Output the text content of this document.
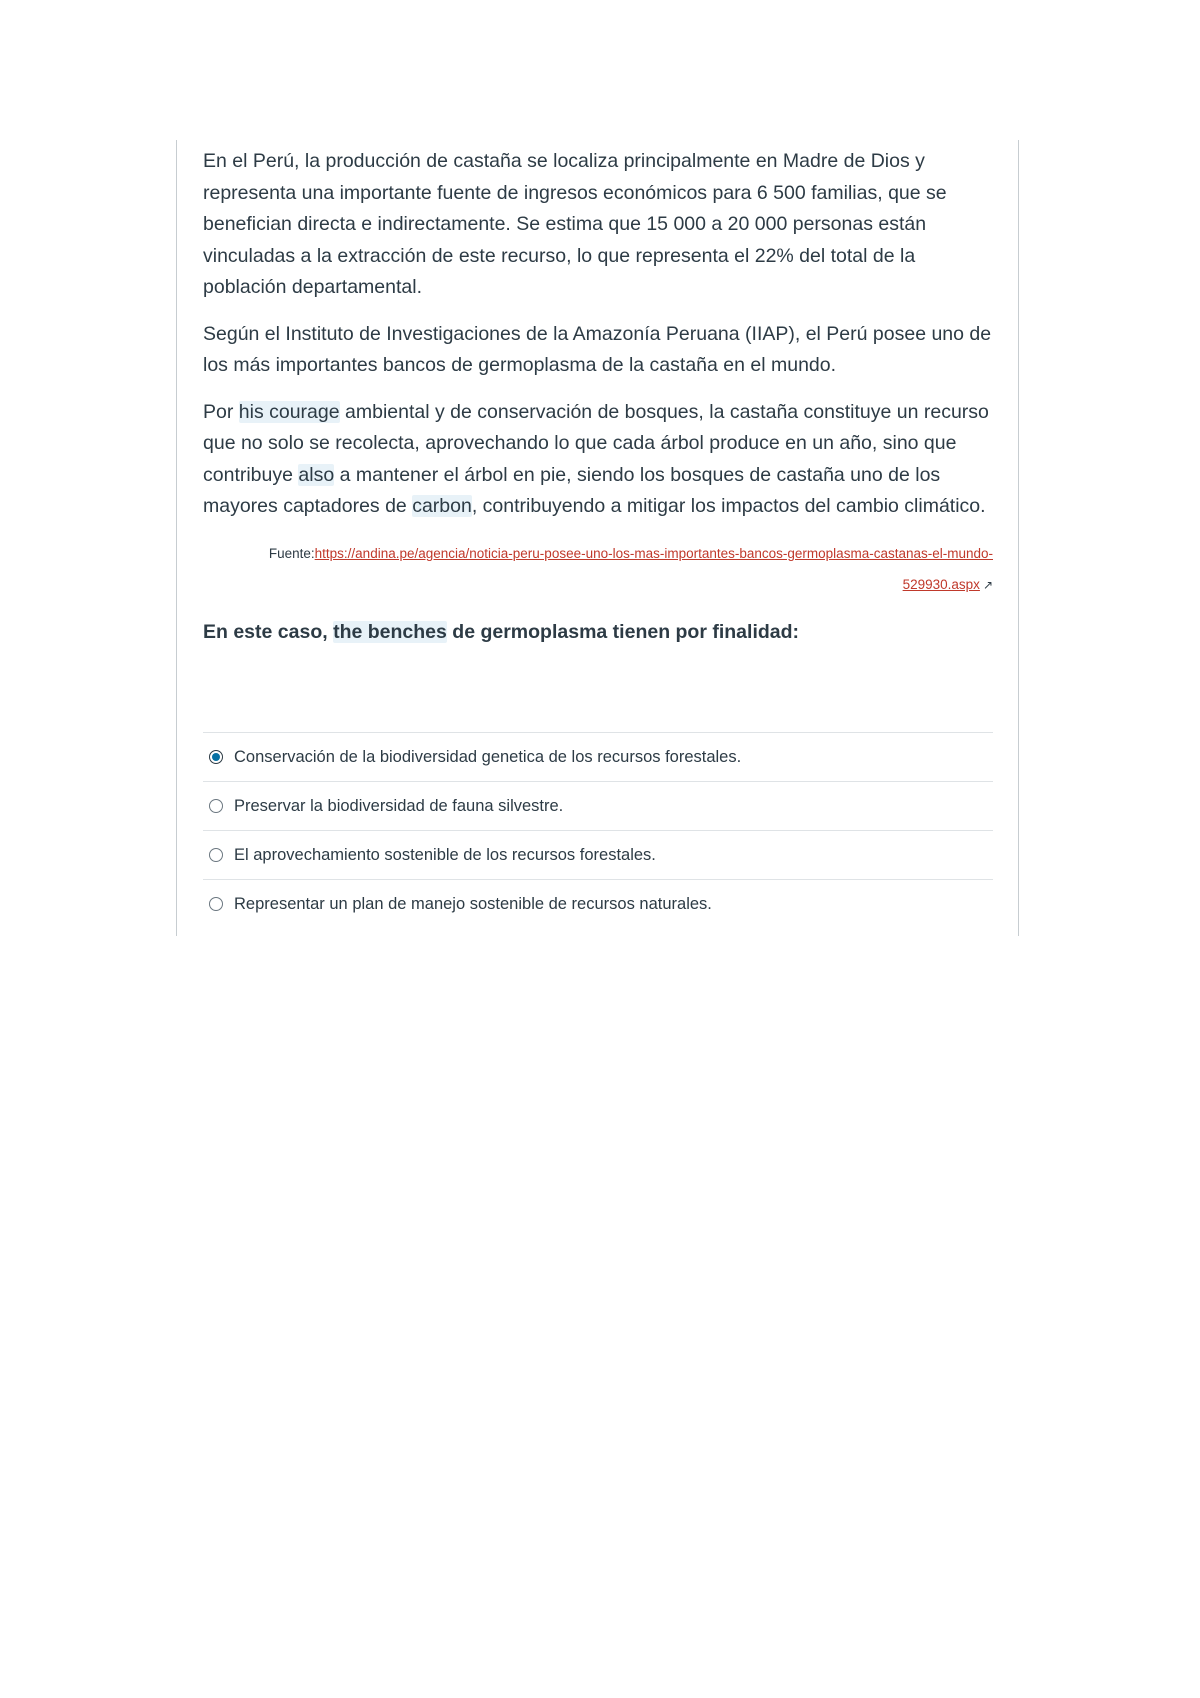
En el Perú, la producción de castaña se localiza principalmente en Madre de Dios y representa una importante fuente de ingresos económicos para 6 500 familias, que se benefician directa e indirectamente. Se estima que 15 000 a 20 000 personas están vinculadas a la extracción de este recurso, lo que representa el 22% del total de la población departamental.

Según el Instituto de Investigaciones de la Amazonía Peruana (IIAP), el Perú posee uno de los más importantes bancos de germoplasma de la castaña en el mundo.

Por his courage ambiental y de conservación de bosques, la castaña constituye un recurso que no solo se recolecta, aprovechando lo que cada árbol produce en un año, sino que contribuye also a mantener el árbol en pie, siendo los bosques de castaña uno de los mayores captadores de carbon, contribuyendo a mitigar los impactos del cambio climático.

Fuente:https://andina.pe/agencia/noticia-peru-posee-uno-los-mas-importantes-bancos-germoplasma-castanas-el-mundo-
529930.aspx ↗
En este caso, the benches de germoplasma tienen por finalidad:
Conservación de la biodiversidad genetica de los recursos forestales.
Preservar la biodiversidad de fauna silvestre.
El aprovechamiento sostenible de los recursos forestales.
Representar un plan de manejo sostenible de recursos naturales.
